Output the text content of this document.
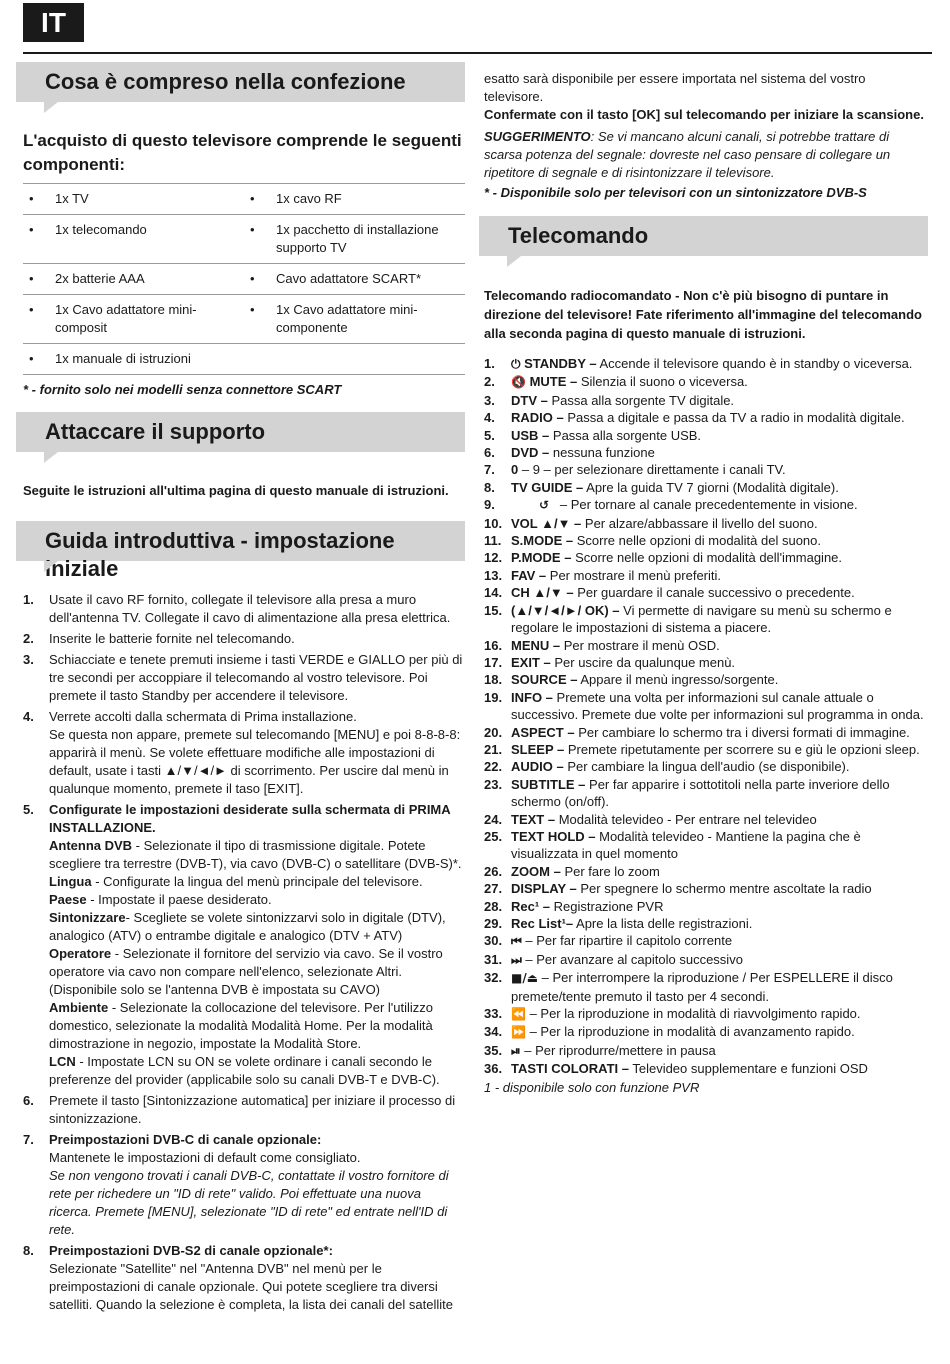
IT
Cosa è compreso nella confezione

L'acquisto di questo televisore comprende le seguenti componenti:

• 1x TV	• 1x cavo RF

• 1x telecomando	• 1x pacchetto di installazione supporto TV

• 2x batterie AAA	• Cavo adattatore SCART*

• 1x Cavo adattatore mini-composit	• 1x Cavo adattatore mini-componente

• 1x manuale di istruzioni	

* - fornito solo nei modelli senza connettore SCART
Attaccare il supporto
Seguite le istruzioni all'ultima pagina di questo manuale di istruzioni.
Guida introduttiva - impostazione iniziale
1.	Usate il cavo RF fornito, collegate il televisore alla presa a muro dell'antenna TV. Collegate il cavo di alimentazione alla presa elettrica.
2.	Inserite le batterie fornite nel telecomando.
3.	Schiacciate e tenete premuti insieme i tasti VERDE e GIALLO per più di tre secondi per accoppiare il telecomando al vostro televisore. Poi premete il tasto Standby per accendere il televisore.
4.	Verrete accolti dalla schermata di Prima installazione.
Se questa non appare, premete sul telecomando [MENU] e poi 8-8-8-8: apparirà il menù. Se volete effettuare modifiche alle impostazioni di default, usate i tasti ▲/▼/◄/► di scorrimento. Per uscire dal menù in qualunque momento, premete il taso [EXIT].
5.	Configurate le impostazioni desiderate sulla schermata di PRIMA INSTALLAZIONE.
Antenna DVB - Selezionate il tipo di trasmissione digitale. Potete scegliere tra terrestre (DVB-T), via cavo (DVB-C) o satellitare (DVB-S)*.
Lingua - Configurate la lingua del menù principale del televisore.
Paese - Impostate il paese desiderato.
Sintonizzare- Scegliete se volete sintonizzarvi solo in digitale (DTV), analogico (ATV) o entrambe digitale e analogico (DTV + ATV)
Operatore - Selezionate il fornitore del servizio via cavo. Se il vostro operatore via cavo non compare nell'elenco, selezionate Altri. (Disponibile solo se l'antenna DVB è impostata su CAVO)
Ambiente - Selezionate la collocazione del televisore. Per l'utilizzo domestico, selezionate la modalità Modalità Home. Per la modalità dimostrazione in negozio, impostate la Modalità Store.
LCN - Impostate LCN su ON se volete ordinare i canali secondo le preferenze del provider (applicabile solo su canali DVB-T e DVB-C).
6.	Premete il tasto [Sintonizzazione automatica] per iniziare il processo di sintonizzazione.
7.	Preimpostazioni DVB-C di canale opzionale:
Mantenete le impostazioni di default come consigliato.
Se non vengono trovati i canali DVB-C, contattate il vostro fornitore di rete per richedere un "ID di rete" valido. Poi effettuate una nuova ricerca. Premete [MENU], selezionate "ID di rete" ed entrate nell'ID di rete.
8.	Preimpostazioni DVB-S2 di canale opzionale*:
Selezionate "Satellite" nel "Antenna DVB" nel menù per le preimpostazioni di canale opzionale. Qui potete scegliere tra diversi satelliti. Quando la selezione è completa, la lista dei canali del satellite
esatto sarà disponibile per essere importata nel sistema del vostro televisore.
Confermate con il tasto [OK] sul telecomando per iniziare la scansione.
SUGGERIMENTO: Se vi mancano alcuni canali, si potrebbe trattare di scarsa potenza del segnale: dovreste nel caso pensare di collegare un ripetitore di segnale e di risintonizzare il televisore.
* - Disponibile solo per televisori con un sintonizzatore DVB-S
Telecomando
Telecomando radiocomandato - Non c'è più bisogno di puntare in direzione del televisore! Fate riferimento all'immagine del telecomando alla seconda pagina di questo manuale di istruzioni.
1.	⏻ STANDBY – Accende il televisore quando è in standby o viceversa.
2.	🔇 MUTE – Silenzia il suono o viceversa.
3.	DTV – Passa alla sorgente TV digitale.
4.	RADIO – Passa a digitale e passa da TV a radio in modalità digitale.
5.	USB – Passa alla sorgente USB.
6.	DVD – nessuna funzione
7.	0 – 9 – per selezionare direttamente i canali TV.
8.	TV GUIDE – Apre la guida TV 7 giorni (Modalità digitale).
9.	↺   – Per tornare al canale precedentemente in visione.
10. VOL ▲/▼ – Per alzare/abbassare il livello del suono.
11. S.MODE – Scorre nelle opzioni di modalità del suono.
12. P.MODE – Scorre nelle opzioni di modalità dell'immagine.
13. FAV – Per mostrare il menù preferiti.
14. CH ▲/▼ – Per guardare il canale successivo o precedente.
15. (▲/▼/◄/►/ OK) – Vi permette di navigare su menù su schermo e regolare le impostazioni di sistema a piacere.
16. MENU – Per mostrare il menù OSD.
17. EXIT – Per uscire da qualunque menù.
18. SOURCE – Appare il menù ingresso/sorgente.
19. INFO – Premete una volta per informazioni sul canale attuale o successivo. Premete due volte per informazioni sul programma in onda.
20. ASPECT – Per cambiare lo schermo tra i diversi formati di immagine.
21. SLEEP – Premete ripetutamente per scorrere su e giù le opzioni sleep.
22. AUDIO – Per cambiare la lingua dell'audio (se disponibile).
23. SUBTITLE – Per far apparire i sottotitoli nella parte inveriore dello schermo (on/off).
24. TEXT – Modalità televideo - Per entrare nel televideo
25. TEXT HOLD – Modalità televideo - Mantiene la pagina che è visualizzata in quel momento
26. ZOOM – Per fare lo zoom
27. DISPLAY – Per spegnere lo schermo mentre ascoltate la radio
28. Rec¹ – Registrazione PVR
29. Rec List¹– Apre la lista delle registrazioni.
30. ⏮ – Per far ripartire il capitolo corrente
31. ⏭ – Per avanzare al capitolo successivo
32. ■/⏏ – Per interrompere la riproduzione / Per ESPELLERE il disco premete/tente premuto il tasto per 4 secondi.
33. ⏪ – Per la riproduzione in modalità di riavvolgimento rapido.
34. ⏩ – Per la riproduzione in modalità di avanzamento rapido.
35. ⏯ – Per riprodurre/mettere in pausa
36. TASTI COLORATI – Televideo supplementare e funzioni OSD
1 - disponibile solo con funzione PVR
